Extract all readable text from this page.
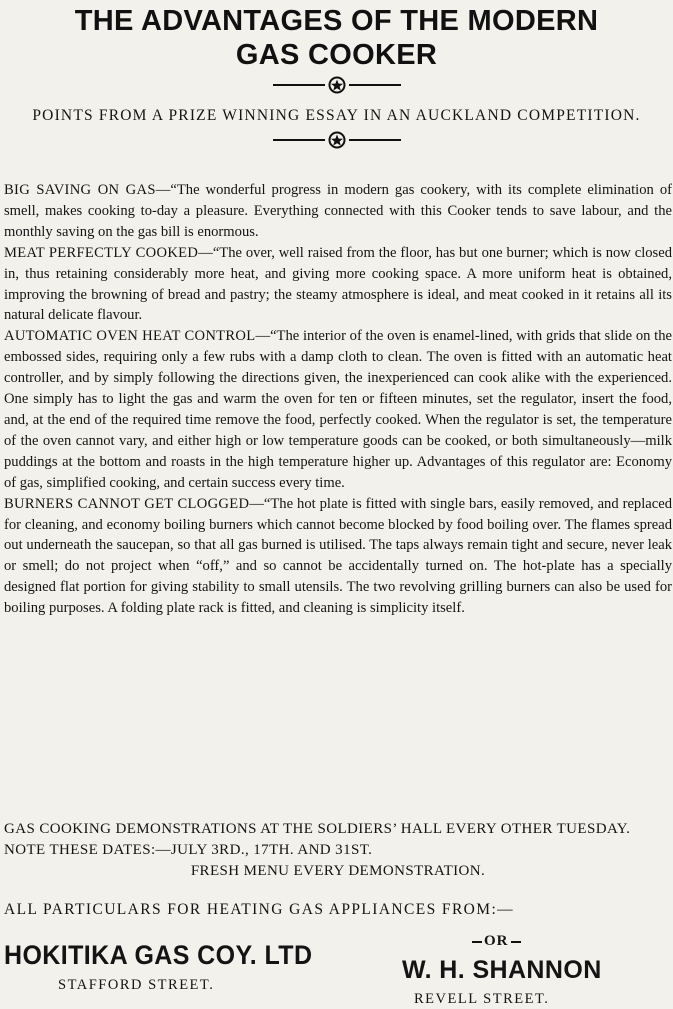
THE ADVANTAGES OF THE MODERN
GAS COOKER
POINTS FROM A PRIZE WINNING ESSAY IN AN AUCKLAND COMPETITION.

BIG SAVING ON GAS—“The wonderful progress in modern gas cookery, with its complete elimination of smell, makes cooking to-day a pleasure. Everything connected with this Cooker tends to save labour, and the monthly saving on the gas bill is enormous.

MEAT PERFECTLY COOKED—“The over, well raised from the floor, has but one burner; which is now closed in, thus retaining considerably more heat, and giving more cooking space. A more uniform heat is obtained, improving the browning of bread and pastry; the steamy atmosphere is ideal, and meat cooked in it retains all its natural delicate flavour.

AUTOMATIC OVEN HEAT CONTROL—“The interior of the oven is enamel-lined, with grids that slide on the embossed sides, requiring only a few rubs with a damp cloth to clean. The oven is fitted with an automatic heat controller, and by simply following the directions given, the inexperienced can cook alike with the experienced. One simply has to light the gas and warm the oven for ten or fifteen minutes, set the regulator, insert the food, and, at the end of the required time remove the food, perfectly cooked. When the regulator is set, the temperature of the oven cannot vary, and either high or low temperature goods can be cooked, or both simultaneously—milk puddings at the bottom and roasts in the high temperature higher up. Advantages of this regulator are: Economy of gas, simplified cooking, and certain success every time.

BURNERS CANNOT GET CLOGGED—“The hot plate is fitted with single bars, easily removed, and replaced for cleaning, and economy boiling burners which cannot become blocked by food boiling over. The flames spread out underneath the saucepan, so that all gas burned is utilised. The taps always remain tight and secure, never leak or smell; do not project when “off,” and so cannot be accidentally turned on. The hot-plate has a specially designed flat portion for giving stability to small utensils. The two revolving grilling burners can also be used for boiling purposes. A folding plate rack is fitted, and cleaning is simplicity itself.

GAS COOKING DEMONSTRATIONS AT THE SOLDIERS’ HALL EVERY OTHER TUESDAY. NOTE THESE DATES:—JULY 3RD., 17TH. AND 31ST.
FRESH MENU EVERY DEMONSTRATION.
ALL PARTICULARS FOR HEATING GAS APPLIANCES FROM:—
HOKITIKA GAS COY. LTD
STAFFORD STREET.
OR
W. H. SHANNON
REVELL STREET.
